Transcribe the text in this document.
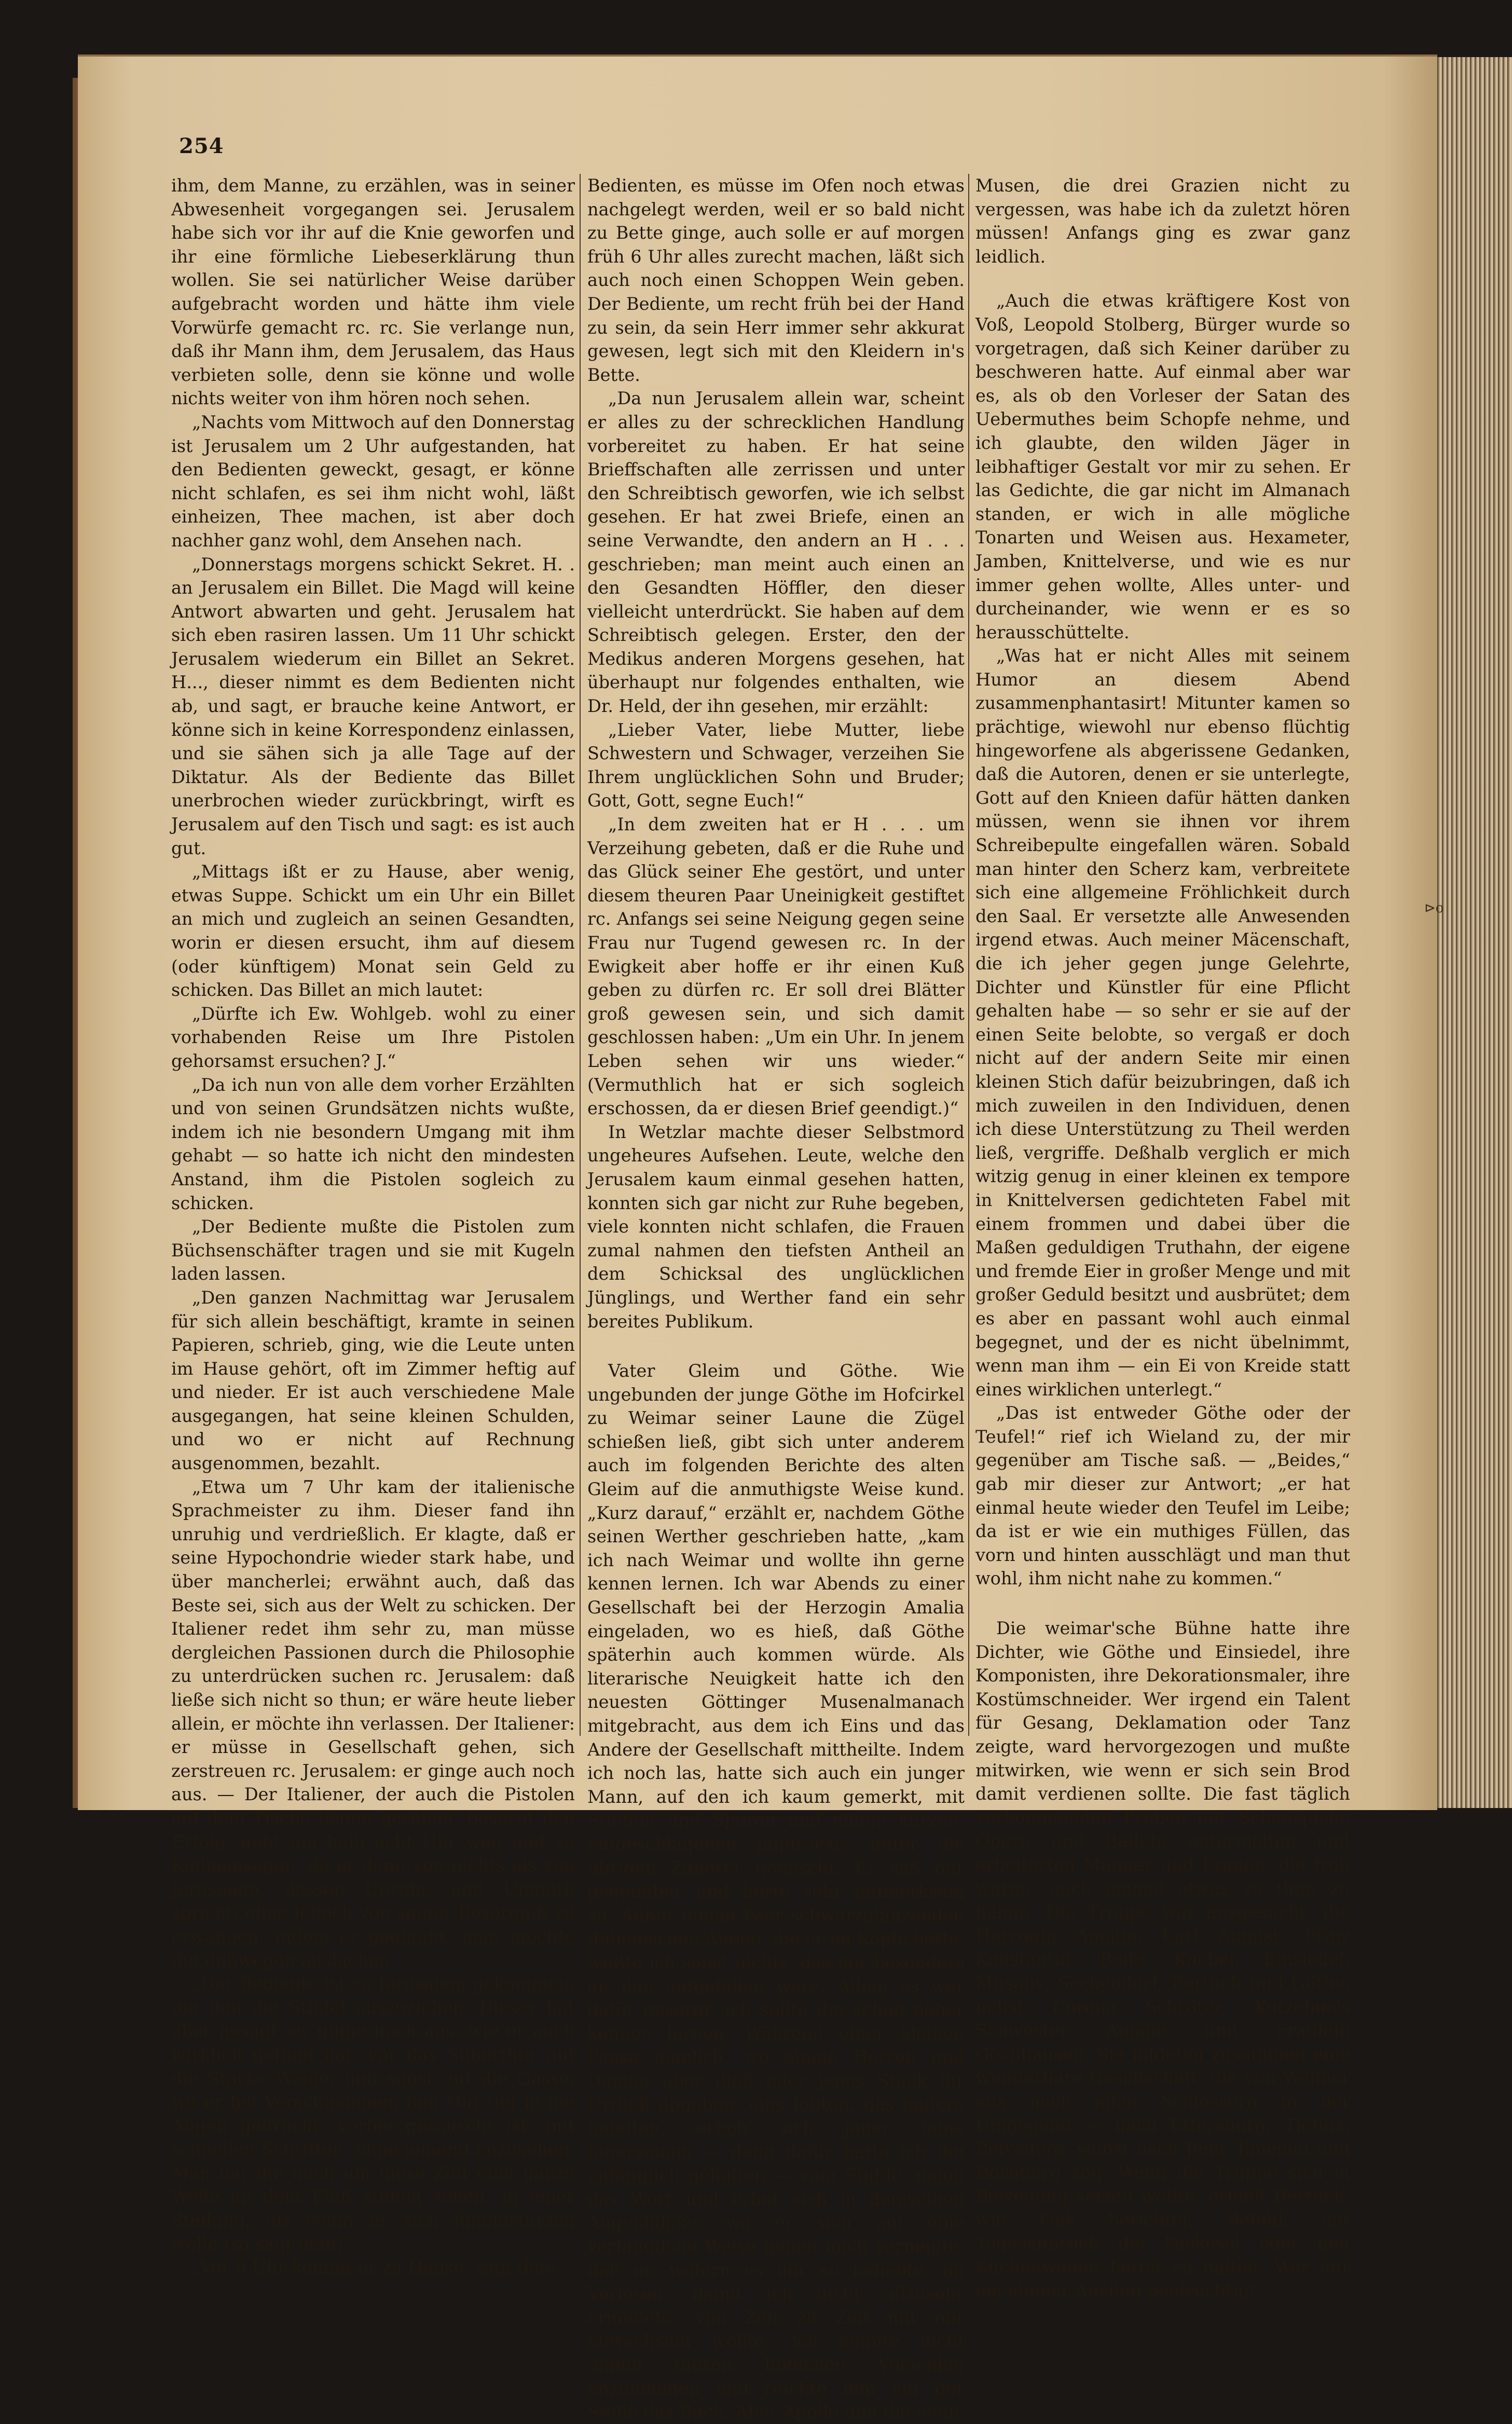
254

ihm, dem Manne, zu erzählen, was in seiner Abwesenheit vorgegangen sei. Jerusalem habe sich vor ihr auf die Knie geworfen und ihr eine förmliche Liebeserklärung thun wollen. Sie sei natürlicher Weise darüber aufgebracht worden und hätte ihm viele Vorwürfe gemacht rc. rc. Sie verlange nun, daß ihr Mann ihm, dem Jerusalem, das Haus verbieten solle, denn sie könne und wolle nichts weiter von ihm hören noch sehen.

„Nachts vom Mittwoch auf den Donnerstag ist Jerusalem um 2 Uhr aufgestanden, hat den Bedienten geweckt, gesagt, er könne nicht schlafen, es sei ihm nicht wohl, läßt einheizen, Thee machen, ist aber doch nachher ganz wohl, dem Ansehen nach.

„Donnerstags morgens schickt Sekret. H. . an Jerusalem ein Billet. Die Magd will keine Antwort abwarten und geht. Jerusalem hat sich eben rasiren lassen. Um 11 Uhr schickt Jerusalem wiederum ein Billet an Sekret. H..., dieser nimmt es dem Bedienten nicht ab, und sagt, er brauche keine Antwort, er könne sich in keine Korrespondenz einlassen, und sie sähen sich ja alle Tage auf der Diktatur. Als der Bediente das Billet unerbrochen wieder zurückbringt, wirft es Jerusalem auf den Tisch und sagt: es ist auch gut.

„Mittags ißt er zu Hause, aber wenig, etwas Suppe. Schickt um ein Uhr ein Billet an mich und zugleich an seinen Gesandten, worin er diesen ersucht, ihm auf diesem (oder künftigem) Monat sein Geld zu schicken. Das Billet an mich lautet:

„Dürfte ich Ew. Wohlgeb. wohl zu einer vorhabenden Reise um Ihre Pistolen gehorsamst ersuchen? J.“

„Da ich nun von alle dem vorher Erzählten und von seinen Grundsätzen nichts wußte, indem ich nie besondern Umgang mit ihm gehabt — so hatte ich nicht den mindesten Anstand, ihm die Pistolen sogleich zu schicken.

„Der Bediente mußte die Pistolen zum Büchsenschäfter tragen und sie mit Kugeln laden lassen.

„Den ganzen Nachmittag war Jerusalem für sich allein beschäftigt, kramte in seinen Papieren, schrieb, ging, wie die Leute unten im Hause gehört, oft im Zimmer heftig auf und nieder. Er ist auch verschiedene Male ausgegangen, hat seine kleinen Schulden, und wo er nicht auf Rechnung ausgenommen, bezahlt.

„Etwa um 7 Uhr kam der italienische Sprachmeister zu ihm. Dieser fand ihn unruhig und verdrießlich. Er klagte, daß er seine Hypochondrie wieder stark habe, und über mancherlei; erwähnt auch, daß das Beste sei, sich aus der Welt zu schicken. Der Italiener redet ihm sehr zu, man müsse dergleichen Passionen durch die Philosophie zu unterdrücken suchen rc. Jerusalem: daß ließe sich nicht so thun; er wäre heute lieber allein, er möchte ihn verlassen. Der Italiener: er müsse in Gesellschaft gehen, sich zerstreuen rc. Jerusalem: er ginge auch noch aus. — Der Italiener, der auch die Pistolen auf dem Tische liegen gesehen, besorgt den Erfolg, geht um halb acht Uhr weg und zu Kielmansegge, da er denn von nichts als von Jerusalem, dessen Unruhe und Unmuth spricht, ohne jedoch von seiner Besorgniß zu erwähnen, indem er geglaubt, man möchte ihn deßwegen auslachen.

„Der Bediente ist zu Jerusalem gekommen, um ihm die Stiefel auszuziehen. Dieser hat aber gesagt, er ginge noch aus; wie er auch wirklich gethan hat, vor das Silberthor auf die Starke Weide, und sonst auf die Gasse, wo er bei Verschiedenen, den Hut tief in die Augen gedrückt, vorbei gerauscht ist, mit schnellen Schritten, ohne jemand anzusehen. Man hat ihn auch um diese Zeit eine ganze Weile an dem Fluß stehen sehen, in einer Stellung, als wenn er sich hineinstürzen wolle (so sagt man).

„Vor 9 Uhr kommt er zu Hause, sagt dem

Bedienten, es müsse im Ofen noch etwas nachgelegt werden, weil er so bald nicht zu Bette ginge, auch solle er auf morgen früh 6 Uhr alles zurecht machen, läßt sich auch noch einen Schoppen Wein geben. Der Bediente, um recht früh bei der Hand zu sein, da sein Herr immer sehr akkurat gewesen, legt sich mit den Kleidern in's Bette.

„Da nun Jerusalem allein war, scheint er alles zu der schrecklichen Handlung vorbereitet zu haben. Er hat seine Brieffschaften alle zerrissen und unter den Schreibtisch geworfen, wie ich selbst gesehen. Er hat zwei Briefe, einen an seine Verwandte, den andern an H . . . geschrieben; man meint auch einen an den Gesandten Höffler, den dieser vielleicht unterdrückt. Sie haben auf dem Schreibtisch gelegen. Erster, den der Medikus anderen Morgens gesehen, hat überhaupt nur folgendes enthalten, wie Dr. Held, der ihn gesehen, mir erzählt:

„Lieber Vater, liebe Mutter, liebe Schwestern und Schwager, verzeihen Sie Ihrem unglücklichen Sohn und Bruder; Gott, Gott, segne Euch!“

„In dem zweiten hat er H . . . um Verzeihung gebeten, daß er die Ruhe und das Glück seiner Ehe gestört, und unter diesem theuren Paar Uneinigkeit gestiftet rc. Anfangs sei seine Neigung gegen seine Frau nur Tugend gewesen rc. In der Ewigkeit aber hoffe er ihr einen Kuß geben zu dürfen rc. Er soll drei Blätter groß gewesen sein, und sich damit geschlossen haben: „Um ein Uhr. In jenem Leben sehen wir uns wieder.“ (Vermuthlich hat er sich sogleich erschossen, da er diesen Brief geendigt.)“

In Wetzlar machte dieser Selbstmord ungeheures Aufsehen. Leute, welche den Jerusalem kaum einmal gesehen hatten, konnten sich gar nicht zur Ruhe begeben, viele konnten nicht schlafen, die Frauen zumal nahmen den tiefsten Antheil an dem Schicksal des unglücklichen Jünglings, und Werther fand ein sehr bereites Publikum.

Vater Gleim und Göthe. Wie ungebunden der junge Göthe im Hofcirkel zu Weimar seiner Laune die Zügel schießen ließ, gibt sich unter anderem auch im folgenden Berichte des alten Gleim auf die anmuthigste Weise kund. „Kurz darauf,“ erzählt er, nachdem Göthe seinen Werther geschrieben hatte, „kam ich nach Weimar und wollte ihn gerne kennen lernen. Ich war Abends zu einer Gesellschaft bei der Herzogin Amalia eingeladen, wo es hieß, daß Göthe späterhin auch kommen würde. Als literarische Neuigkeit hatte ich den neuesten Göttinger Musenalmanach mitgebracht, aus dem ich Eins und das Andere der Gesellschaft mittheilte. Indem ich noch las, hatte sich auch ein junger Mann, auf den ich kaum gemerkt, mit Stiefeln und Sporen und einem kurzen, aufgeschlagenen Jagdrocke, unter die übrigen Zuhörer gemischt. Er saß mir gegenüber und hörte sehr aufmerksam zu. Außer einem Paar schwarzglänzenden italienischen Augen, die er im Kopfe hatte, wüßte ich sonst nichts, das mir besonders an ihm aufgefallen wäre. Allein es war dafür gesorgt, ich sollte ihn schon näher kennen lernen. Während einer kleinen Pause nämlich, wo einige Herren und Damen über dieß oder jenes Stück ihr Urtheil abgaben, eins lobten, das andere tadelten, erhob sich jener feine Jägersmann — denn dafür hatte ich ihn anfänglich gehalten — vom Stuhle, nahm das Wort und erbot sich in demselben Augenblicke, wo er sich auf eine verbindliche Weise gegen mich verneigte, daß er, wofern es mir so beliebte, im Vorlesen, damit ich nicht allzusehr ermüdete, von Zeit zu Zeit mit mir abwechseln wollte. Ich konnte nicht umhin diesen höflichen Vorschlag anzunehmen und reichte ihm auf der Stelle das Buch. Aber Apollo und die neun

Musen, die drei Grazien nicht zu vergessen, was habe ich da zuletzt hören müssen! Anfangs ging es zwar ganz leidlich.

„Auch die etwas kräftigere Kost von Voß, Leopold Stolberg, Bürger wurde so vorgetragen, daß sich Keiner darüber zu beschweren hatte. Auf einmal aber war es, als ob den Vorleser der Satan des Uebermuthes beim Schopfe nehme, und ich glaubte, den wilden Jäger in leibhaftiger Gestalt vor mir zu sehen. Er las Gedichte, die gar nicht im Almanach standen, er wich in alle mögliche Tonarten und Weisen aus. Hexameter, Jamben, Knittelverse, und wie es nur immer gehen wollte, Alles unter- und durcheinander, wie wenn er es so herausschüttelte.

„Was hat er nicht Alles mit seinem Humor an diesem Abend zusammenphantasirt! Mitunter kamen so prächtige, wiewohl nur ebenso flüchtig hingeworfene als abgerissene Gedanken, daß die Autoren, denen er sie unterlegte, Gott auf den Knieen dafür hätten danken müssen, wenn sie ihnen vor ihrem Schreibepulte eingefallen wären. Sobald man hinter den Scherz kam, verbreitete sich eine allgemeine Fröhlichkeit durch den Saal. Er versetzte alle Anwesenden irgend etwas. Auch meiner Mäcenschaft, die ich jeher gegen junge Gelehrte, Dichter und Künstler für eine Pflicht gehalten habe — so sehr er sie auf der einen Seite belobte, so vergaß er doch nicht auf der andern Seite mir einen kleinen Stich dafür beizubringen, daß ich mich zuweilen in den Individuen, denen ich diese Unterstützung zu Theil werden ließ, vergriffe. Deßhalb verglich er mich witzig genug in einer kleinen ex tempore in Knittelversen gedichteten Fabel mit einem frommen und dabei über die Maßen geduldigen Truthahn, der eigene und fremde Eier in großer Menge und mit großer Geduld besitzt und ausbrütet; dem es aber en passant wohl auch einmal begegnet, und der es nicht übelnimmt, wenn man ihm — ein Ei von Kreide statt eines wirklichen unterlegt.“

„Das ist entweder Göthe oder der Teufel!“ rief ich Wieland zu, der mir gegenüber am Tische saß. — „Beides,“ gab mir dieser zur Antwort; „er hat einmal heute wieder den Teufel im Leibe; da ist er wie ein muthiges Füllen, das vorn und hinten ausschlägt und man thut wohl, ihm nicht nahe zu kommen.“

Die weimar'sche Bühne hatte ihre Dichter, wie Göthe und Einsiedel, ihre Komponisten, ihre Dekorationsmaler, ihre Kostümschneider. Wer irgend ein Talent für Gesang, Deklamation oder Tanz zeigte, ward hervorgezogen und mußte mitwirken, wie wenn er sich sein Brod damit verdienen sollte. Die fast täglich vorkommenden Proben der Schauspiele, Opern und Ballete unterhielten und erheiterten Männer und Frauen, die froh waren, auch einmal etwas zu thun zu haben. Die Truppe war ausgesucht: die Herzogin Amalie, Karl August, Prinz Konstantin, Bode, Knebel, Einsiedel, Musäus, Seckendorf, Bertuch und Göthe, nebst Corona Schröter, Kotzebue's Schwester Amalie und Fräulein Göchhausen. Sie bildeten zusammen eine wunderbare Gesellschaft, die von Weimar aus nach allen Schlössern in der Umgegend — nach Ettersburg, Tiefurt, Belvedere, selbst nach Jena, Ilmenau und Dornburg zog. Wenn die Truppe sich in Bewegung setzen wollte, erhielt Bertuch, wie Falk berichtet, Befehl, mit Tagesanbruch die Packesel oder den Küchenwagen bereit zu halten. War nur ein kleiner Ausflug beabsichtigt,

⊳o
